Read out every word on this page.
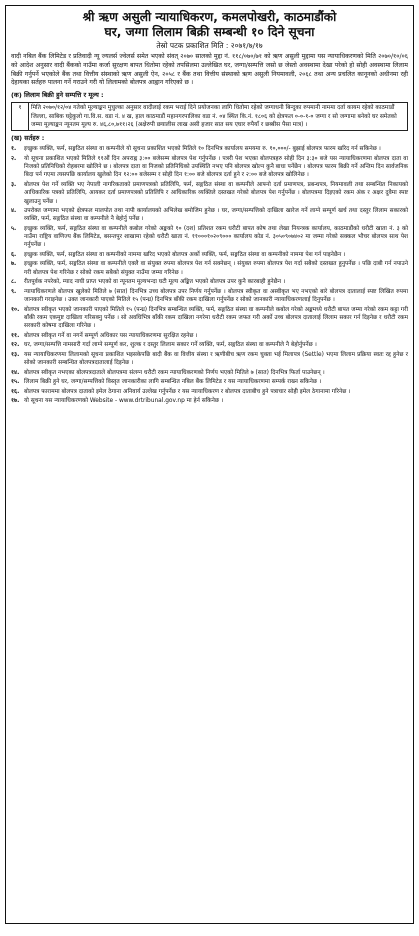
श्री ऋण असुली न्यायाधिकरण, कमलपोखरी, काठमाडौंको
घर, जग्गा लिलाम बिक्री सम्बन्धी १० दिने सूचना
तेस्रो पटक प्रकाशित मिति : २०७१/७/१७

वादी नबिल बैंक लिमिटेड र प्रतिवादी न्यू ज्यलर्स ज्वेलर्स समेत भएको संवत् २०७० सालको मुद्दा नं. ११८/०७०/७१ को ऋण असुली मुद्दामा यस न्यायाधिकरणको मिति २०७०/१०/०६ को आदेश अनुसार वादी बैंकको नाउँमा कर्जा सुरक्षण बापत धितोमा रहेको तपसिलमा उल्लेखित घर, जग्गा/सम्पत्ति जसो छ जेस्तो अवस्थामा देखा परेको हो सोही अवस्थामा लिलाम बिक्री गर्नुपर्ने भएकोले बैंक तथा वित्तीय संस्थाको ऋण असुली ऐन, २०५८ र बैंक तथा वित्तीय संस्थाको ऋण असुली नियमावली, २०६८ तथा अन्य प्रचलित कानूनको अधीनमा रही देहायका सर्तहरु पालना गर्ने गराउने गरी यो लिलामको बोलपत्र आह्वान गरिएको छ ।

(क) लिलाम बिक्री हुने सम्पत्ति र मूल्य :
१	मिति २०७०/१२/०४ गतेको मूल्याङ्कन मुचुल्का अनुसार वादीलाई रकम भराई दिने प्रयोजनका लागि धितोमा रहेको जग्गाधनी बिन्दुका रुपमानी नाममा दर्ता कायम रहेको काठमाडौं जिल्ला, साबिक घट्टेकुलो गा.वि.स. वडा नं. ४ ख, हाल काठमाडौं महानगरपालिका वडा नं. ०४ स्थित कि.नं. १८०६ को क्षेत्रफल ०-०-१-० जग्गा र सो जग्गामा बनेको घर समेतको जम्मा मूल्याङ्कन न्यूनतम मूल्य रु. ४६,८०,७११।२६ (अक्षेरुपी छयालीस लाख असी हजार सात सय एघार रुपैयाँ र छब्बीस पैसा मात्र) ।
(ख) सर्तहरु :
१.	इच्छुक व्यक्ति, फर्म, सङ्गठित संस्था वा कम्पनीले यो सूचना प्रकाशित भएको मितिले १० दिनभित्र कार्यालय समयमा रु. १०,०००/- बुझाई बोलपत्र फारम खरिद गर्न सकिनेछ ।
२.	यो सूचना प्रकाशित भएको मितिले ११औं दिन अपराह्न ३:०० बजेसम्म बोलपत्र पेश गर्नुपर्नेछ । पत्ररी पेश भएका बोलपत्रहरु सोही दिन ३:३० बजे यस न्यायाधिकरणमा बोलपत्र दाता वा निजको प्रतिनिधिको रोहबरमा खोलिने छ । बोलपत्र दाता वा निजको प्रतिनिधिको उपस्थिति नभए पनि बोलपत्र खोल्न कुनै बाधा पर्नेछैन । बोलपत्र फारम बिक्री गर्ने अन्तिम दिन सार्वजनिक बिदा पर्न गएमा त्यसपछि कार्यालय खुलेको दिन १२:०० बजेसम्म र सोही दिन १:०० बजे बोलपत्र दर्ता हुने र २:०० बजे बोलपत्र खोलिनेछ ।
३.	बोलपत्र पेश गर्ने व्यक्ति भए नेपाली नागरिकताको प्रमाणपत्रको प्रतिलिपि, फर्म, सङ्गठित संस्था वा कम्पनीले आफ्नो दर्ता प्रमाणपत्र, प्रबन्धपत्र, नियमावली तथा सम्बन्धित निकायको आधिकारिक पत्रको प्रतिलिपि, आयकर दर्ता प्रमाणपत्रको प्रतिलिपि र आधिकारिक व्यक्तिले दस्तखत गरेको बोलपत्र पेश गर्नुपर्नेछ । बोलपत्रमा दिइएको रकम अंक र अक्षर दुवैमा स्पष्ट खुलाउनु पर्नेछ ।
४.	उपरोक्त जग्गामा भएको क्षेत्रफल मालपोत तथा नापी कार्यालयको अभिलेख बमोजिम हुनेछ । घर, जग्गा/सम्पत्तिको दाखिला खारेज गर्ने लाग्ने सम्पूर्ण खर्च तथा दस्तुर लिलाम सकारको व्यक्ति, फर्म, सङ्गठित संस्था वा कम्पनीले नै बेहोर्नु पर्नेछ ।
५.	इच्छुक व्यक्ति, फर्म, सङ्गठित संस्था वा कम्पनीले कबोल गरेको अङ्कको १० (दश) प्रतिशत रकम धरौटी बापत कोष तथा लेखा नियन्त्रक कार्यालय, काठमाडौंको धरौटी खाता नं. ३ को नाउँमा राष्ट्रिय वाणिज्य बैंक लिमिटेड, बसन्तपुर शाखामा रहेको धरौटी खाता नं. ११०००१०२०९००० कार्यालय कोड नं. ३०५०९०७४०२ मा जम्मा गरेको सक्कल भौचर बोलपत्र साथ पेश गर्नुपर्नेछ ।
६.	इच्छुक व्यक्ति, फर्म, सङ्गठित संस्था वा कम्पनीको नाममा खरिद भएको बोलपत्र अर्को व्यक्ति, फर्म, सङ्गठित संस्था वा कम्पनीको नाममा पेश गर्न पाइनेछैन ।
७.	इच्छुक व्यक्ति, फर्म, सङ्गठित संस्था वा कम्पनीले एक्लै वा संयुक्त रुपमा बोलपत्र पेश गर्न सक्नेछन् । संयुक्त रुपमा बोलपत्र पेश गर्दा सबैको दस्तखत हुनुपर्नेछ । पछि दाबी गर्न नपाउने गरी बोलपत्र पेश गरिनेछ र सोको रकम सबैको संयुक्त नाउँमा जम्मा गरिनेछ ।
८.	रीतपूर्वक नपरेको, म्याद नाघी प्राप्त भएको वा न्यूनतम मूल्यभन्दा घटी मूल्य अङ्कित भएको बोलपत्र उपर कुनै कारबाही हुनेछैन ।
९.	न्यायाधिकरणले बोलपत्र खुलेको मितिले ७ (सात) दिनभित्र उच्च बोलपत्र उपर निर्णय गर्नुपर्नेछ । बोलपत्र स्वीकृत वा अस्वीकृत भए नभएको बारे बोलपत्र दातालाई स्पष्ट लिखित रुपमा जानकारी गराइनेछ । उक्त जानकारी पाएको मितिले १५ (पन्ध्र) दिनभित्र बाँकी रकम दाखिला गर्नुपर्नेछ र सोको जानकारी न्यायाधिकरणलाई दिनुपर्नेछ ।
१०. बोलपत्र स्वीकृत भएको जानकारी पाएको मितिले १५ (पन्ध्र) दिनभित्र सम्बन्धित व्यक्ति, फर्म, सङ्गठित संस्था वा कम्पनीले कबोल गरेको अङ्कमध्ये धरौटी बापत जम्मा गरेको रकम कट्टा गरी बाँकी रकम एकमुष्ट दाखिला गरिसक्नु पर्नेछ । सो अवधिभित्र बाँकी रकम दाखिला नगरेमा धरौटी रकम जफत गरी अर्को उच्च बोलपत्र दातालाई लिलाम सकार गर्न दिइनेछ र धरौटी रकम सरकारी कोषमा दाखिला गरिनेछ ।
११. बोलपत्र स्वीकृत गर्ने वा नगर्ने सम्पूर्ण अधिकार यस न्यायाधिकरणमा सुरक्षित रहनेछ ।
१२. घर, जग्गा/सम्पत्ति नामसारी गर्दा लाग्ने सम्पूर्ण कर, शुल्क र दस्तुर लिलाम सकार गर्ने व्यक्ति, फर्म, सङ्गठित संस्था वा कम्पनीले नै बेहोर्नुपर्नेछ ।
१३. यस न्यायाधिकरणमा लिलामको सूचना प्रकाशित भइसकेपछि बादी बैंक वा वित्तीय संस्था र ऋणीबीच ऋण रकम चुक्ता भई मिलापत्र (Settle) भएमा लिलाम प्रक्रिया स्वतः रद्द हुनेछ र सोको जानकारी सम्बन्धित बोलपत्रदातालाई दिइनेछ ।
१४. बोलपत्र स्वीकृत नभएका बोलपत्रदाताले बोलपत्रमा संलग्न धरौटी रकम न्यायाधिकरणको निर्णय भएको मितिले ७ (सात) दिनभित्र फिर्ता पाउनेछन् ।
१५. लिलाम बिक्री हुने घर, जग्गा/सम्पत्तिको विस्तृत जानकारीका लागि सम्बन्धित नबिल बैंक लिमिटेड र यस न्यायाधिकरणमा सम्पर्क राख्न सकिनेछ ।
१६. बोलपत्र फाराममा बोलपत्र दाताको इमेल ठेगाना अनिवार्य उल्लेख गर्नुपर्नेछ र यस न्यायाधिकरण र बोलपत्र दाताबीच हुने पत्राचार सोही इमेल ठेगानामा गरिनेछ ।
१७. यो सूचना यस न्यायाधिकरणको Website - www.drtribunal.gov.np मा हेर्न सकिनेछ ।
